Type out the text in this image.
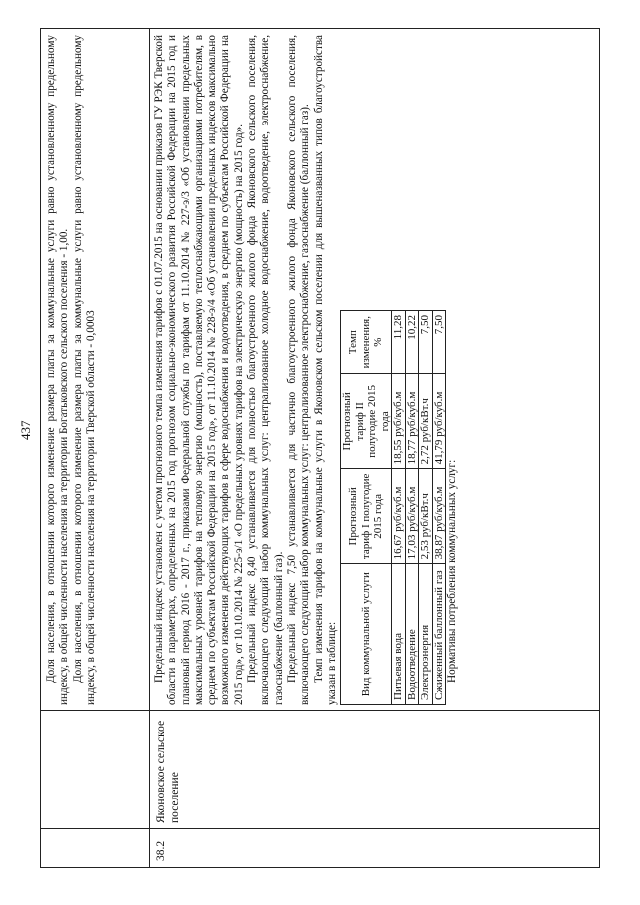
437 Доля населения, в отношении которого изменение размера платы за коммунальные услуги равно установленному предельному индексу, в общей численности населения на территории Богатьковского сельского поселения - 1,00. Доля населения, в отношении которого изменение размера платы за коммунальные услуги равно установленному предельному индексу, в общей численности населения на территории Тверской области - 0,0003

38.2
Яконовское сельское поселение

Предельный индекс установлен с учетом прогнозного темпа изменения тарифов с 01.07.2015 на основании приказов ГУ РЭК Тверской области в параметрах, определенных на 2015 год прогнозом социально-экономического развития Российской Федерации на 2015 год и плановый период 2016 - 2017 г., приказами Федеральной службы по тарифам от 11.10.2014 № 227-э/3 «Об установлении предельных максимальных уровней тарифов на тепловую энергию (мощность), поставляемую теплоснабжающими организациями потребителям, в среднем по субъектам Российской Федерации на 2015 год», от 11.10.2014 № 228-э/4 «Об установлении предельных индексов максимально возможного изменения действующих тарифов в сфере водоснабжения и водоотведения, в среднем по субъектам Российской Федерации на 2015 год», от 10.10.2014 № 225-э/1 «О предельных уровнях тарифов на электрическую энергию (мощность) на 2015 год». Предельный индекс 8,40 устанавливается для полностью благоустроенного жилого фонда Яконовского сельского поселения, включающего следующий набор коммунальных услуг: централизованное холодное водоснабжение, водоотведение, электроснабжение, газоснабжение (баллонный газ). Предельный индекс 7,50 устанавливается для частично благоустроенного жилого фонда Яконовского сельского поселения, включающего следующий набор коммунальных услуг: централизованное электроснабжение, газоснабжение (баллонный газ). Темп изменения тарифов на коммунальные услуги в Яконовском сельском поселении для вышеназванных типов благоустройства указан в таблице: Вид коммунальной услуги	Прогнозный тариф I полугодие 2015 года	Прогнозный тариф II полугодие 2015 года	Темп изменения, %
Питьевая вода	16,67 руб/куб.м	18,55 руб/куб.м	11,28
Водоотведение	17,03 руб/куб.м	18,77 руб/куб.м	10,22
Электроэнергия	2,53 руб/кВт.ч	2,72 руб/кВт.ч	7,50
Сжиженный баллонный газ	38,87 руб/куб.м	41,79 руб/куб.м	7,50
Нормативы потребления коммунальных услуг:
